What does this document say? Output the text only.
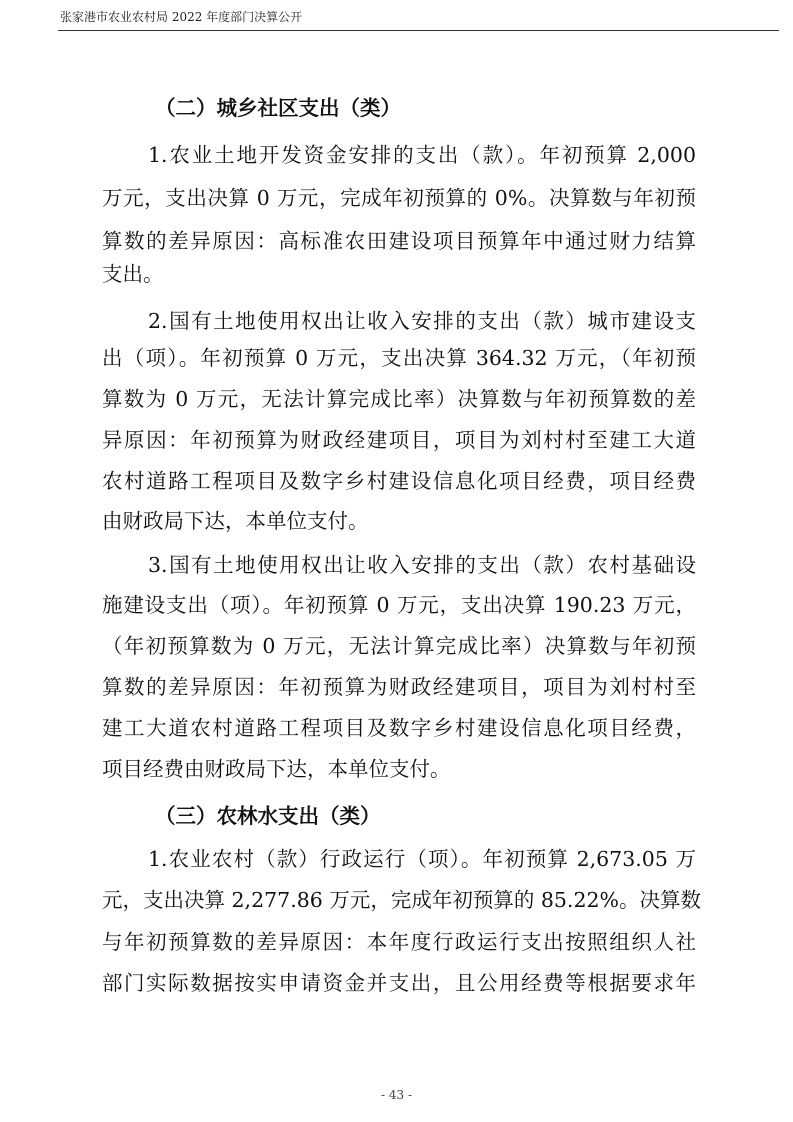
张家港市农业农村局 2022 年度部门决算公开
（二）城乡社区支出（类）
1.农业土地开发资金安排的支出（款）。年初预算 2,000
万元，支出决算 0 万元，完成年初预算的 0%。决算数与年初预
算数的差异原因：高标准农田建设项目预算年中通过财力结算
支出。
2.国有土地使用权出让收入安排的支出（款）城市建设支
出（项）。年初预算 0 万元，支出决算 364.32 万元，（年初预
算数为 0 万元，无法计算完成比率）决算数与年初预算数的差
异原因：年初预算为财政经建项目，项目为刘村村至建工大道
农村道路工程项目及数字乡村建设信息化项目经费，项目经费
由财政局下达，本单位支付。
3.国有土地使用权出让收入安排的支出（款）农村基础设
施建设支出（项）。年初预算 0 万元，支出决算 190.23 万元，
（年初预算数为 0 万元，无法计算完成比率）决算数与年初预
算数的差异原因：年初预算为财政经建项目，项目为刘村村至
建工大道农村道路工程项目及数字乡村建设信息化项目经费，
项目经费由财政局下达，本单位支付。
（三）农林水支出（类）
1.农业农村（款）行政运行（项）。年初预算 2,673.05 万
元，支出决算 2,277.86 万元，完成年初预算的 85.22%。决算数
与年初预算数的差异原因：本年度行政运行支出按照组织人社
部门实际数据按实申请资金并支出，且公用经费等根据要求年
- 43 -
